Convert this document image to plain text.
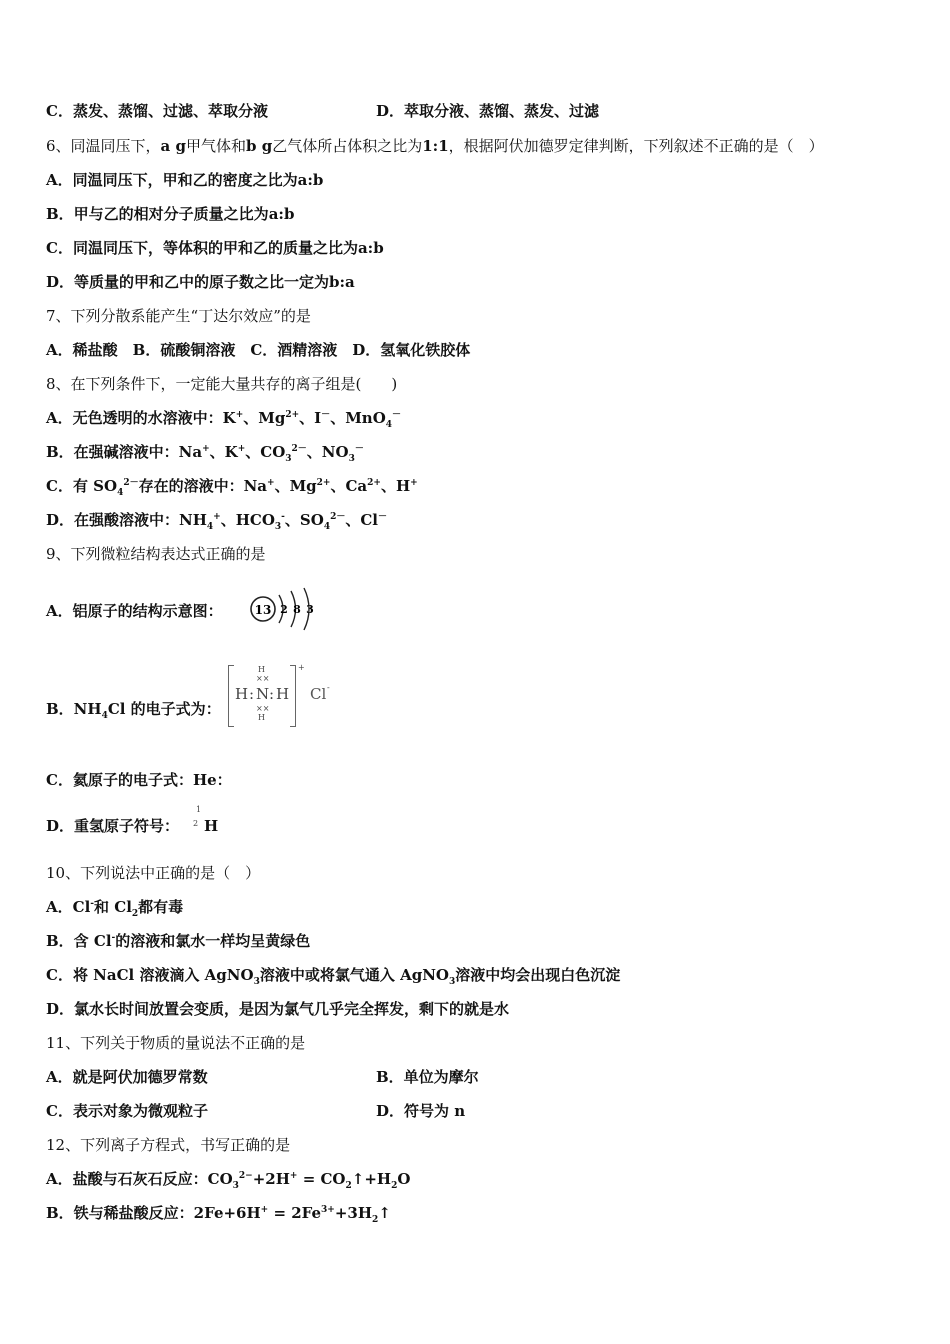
C．蒸发、蒸馏、过滤、萃取分液	D．萃取分液、蒸馏、蒸发、过滤
6、同温同压下，a g甲气体和b g乙气体所占体积之比为1:1，根据阿伏加德罗定律判断，下列叙述不正确的是（　）
A．同温同压下，甲和乙的密度之比为a:b
B．甲与乙的相对分子质量之比为a:b
C．同温同压下，等体积的甲和乙的质量之比为a:b
D．等质量的甲和乙中的原子数之比一定为b:a
7、下列分散系能产生“丁达尔效应”的是
A．稀盐酸　B．硫酸铜溶液　C．酒精溶液　D．氢氧化铁胶体
8、在下列条件下，一定能大量共存的离子组是(　　)
A．无色透明的水溶液中：K+、$Mg^{2+}$、I－、MnO$_4$－
B．在强碱溶液中：Na+、K+、$CO_3^{2-}$、$NO_3^-$
C．有 $SO_4^{2-}$存在的溶液中：Na+、$Mg^{2+}$、$Ca^{2+}$、H+
D．在强酸溶液中：$NH_4^+$、$HCO_3^-$、$SO_4^{2-}$、Cl－
9、下列微粒结构表达式正确的是
A．铝原子的结构示意图：	13 2 8 3
B．$NH_4Cl$ 的电子式为：
H
××
H : N : H
××
H
+
Cl -
C．氦原子的电子式：He：
D．重氢原子符号：
1
2 H
10、下列说法中正确的是（　）
A．Cl-和 $Cl_2$都有毒
B．含 Cl-的溶液和氯水一样均呈黄绿色
C．将 NaCl 溶液滴入 AgNO$_3$溶液中或将氯气通入 AgNO$_3$溶液中均会出现白色沉淀
D．氯水长时间放置会变质，是因为氯气几乎完全挥发，剩下的就是水
11、下列关于物质的量说法不正确的是
A．就是阿伏加德罗常数	B．单位为摩尔
C．表示对象为微观粒子	D．符号为 n
12、下列离子方程式，书写正确的是
A．盐酸与石灰石反应：$CO_3^{2-}+2H^+$ = $CO_2↑+H_2O$
B．铁与稀盐酸反应：$2Fe+6H^+ = 2Fe^{3+}+3H_2↑$
